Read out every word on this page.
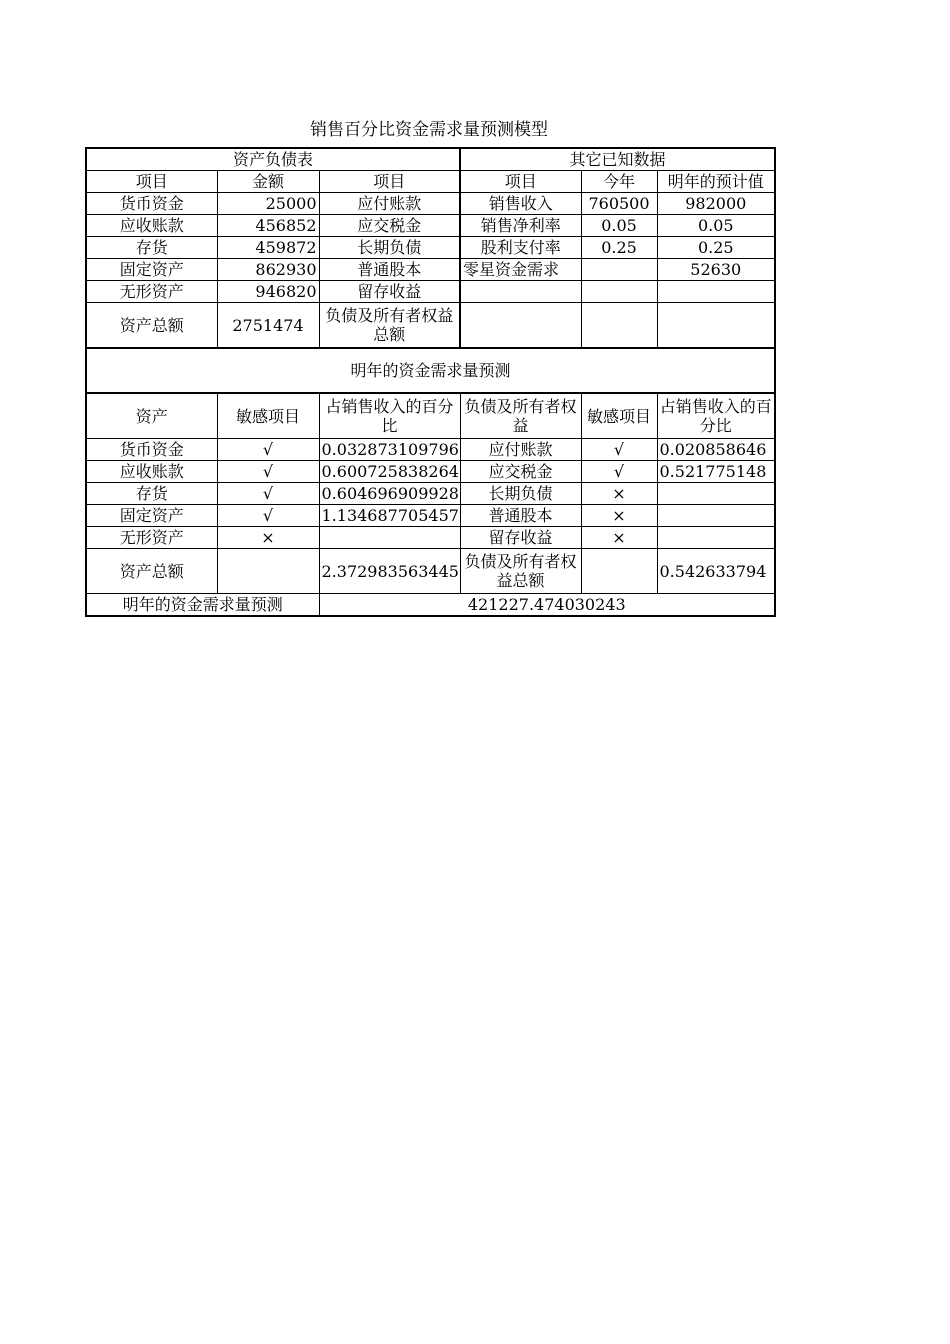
销售百分比资金需求量预测模型
资产负债表			其它已知数据		
项目	金额	项目	项目	今年	明年的预计值
货币资金	25000	应付账款	销售收入	760500	982000
应收账款	456852	应交税金	销售净利率	0.05	0.05
存货	459872	长期负债	股利支付率	0.25	0.25
固定资产	862930	普通股本	零星资金需求		52630
无形资产	946820	留存收益			
资产总额	2751474	负债及所有者权益总额			
明年的资金需求量预测					
资产	敏感项目	占销售收入的百分比	负债及所有者权益	敏感项目	占销售收入的百分比
货币资金	√	0.032873109796	应付账款	√	0.020858646
应收账款	√	0.600725838264	应交税金	√	0.521775148
存货	√	0.604696909928	长期负债	×	
固定资产	√	1.134687705457	普通股本	×	
无形资产	×		留存收益	×	
资产总额		2.372983563445	负债及所有者权益总额		0.542633794
明年的资金需求量预测		421227.474030243			
